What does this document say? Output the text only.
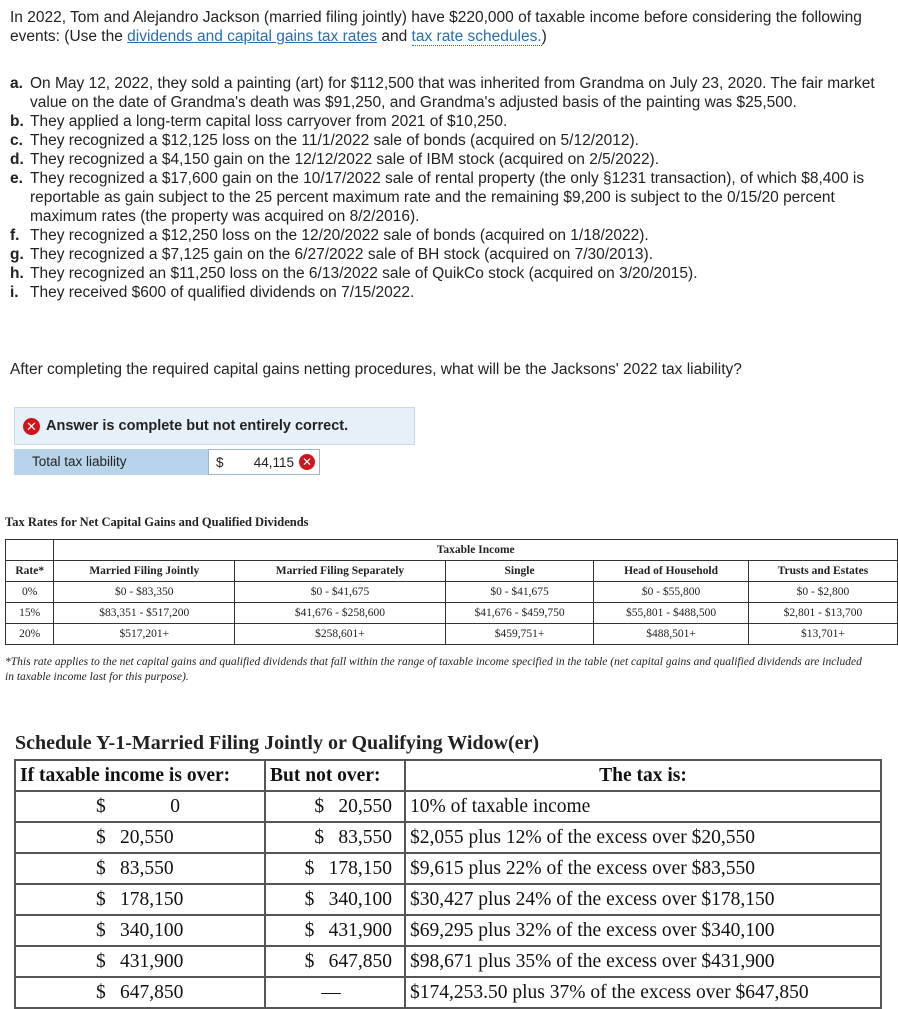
In 2022, Tom and Alejandro Jackson (married filing jointly) have $220,000 of taxable income before considering the following events: (Use the dividends and capital gains tax rates and tax rate schedules.)
a. On May 12, 2022, they sold a painting (art) for $112,500 that was inherited from Grandma on July 23, 2020. The fair market value on the date of Grandma's death was $91,250, and Grandma's adjusted basis of the painting was $25,500.
b. They applied a long-term capital loss carryover from 2021 of $10,250.
c. They recognized a $12,125 loss on the 11/1/2022 sale of bonds (acquired on 5/12/2012).
d. They recognized a $4,150 gain on the 12/12/2022 sale of IBM stock (acquired on 2/5/2022).
e. They recognized a $17,600 gain on the 10/17/2022 sale of rental property (the only §1231 transaction), of which $8,400 is reportable as gain subject to the 25 percent maximum rate and the remaining $9,200 is subject to the 0/15/20 percent maximum rates (the property was acquired on 8/2/2016).
f. They recognized a $12,250 loss on the 12/20/2022 sale of bonds (acquired on 1/18/2022).
g. They recognized a $7,125 gain on the 6/27/2022 sale of BH stock (acquired on 7/30/2013).
h. They recognized an $11,250 loss on the 6/13/2022 sale of QuikCo stock (acquired on 3/20/2015).
i. They received $600 of qualified dividends on 7/15/2022.
After completing the required capital gains netting procedures, what will be the Jacksons' 2022 tax liability?
✕ Answer is complete but not entirely correct.
Total tax liability	$ 44,115 ✕
Tax Rates for Net Capital Gains and Qualified Dividends
	Taxable Income				
Rate*	Married Filing Jointly	Married Filing Separately	Single	Head of Household	Trusts and Estates
0%	$0 - $83,350	$0 - $41,675	$0 - $41,675	$0 - $55,800	$0 - $2,800
15%	$83,351 - $517,200	$41,676 - $258,600	$41,676 - $459,750	$55,801 - $488,500	$2,801 - $13,700
20%	$517,201+	$258,601+	$459,751+	$488,501+	$13,701+
*This rate applies to the net capital gains and qualified dividends that fall within the range of taxable income specified in the table (net capital gains and qualified dividends are included in taxable income last for this purpose).
Schedule Y-1-Married Filing Jointly or Qualifying Widow(er)
If taxable income is over:	But not over:	The tax is:
$ 0	$ 20,550	10% of taxable income
$ 20,550	$ 83,550	$2,055 plus 12% of the excess over $20,550
$ 83,550	$ 178,150	$9,615 plus 22% of the excess over $83,550
$ 178,150	$ 340,100	$30,427 plus 24% of the excess over $178,150
$ 340,100	$ 431,900	$69,295 plus 32% of the excess over $340,100
$ 431,900	$ 647,850	$98,671 plus 35% of the excess over $431,900
$ 647,850	—	$174,253.50 plus 37% of the excess over $647,850
